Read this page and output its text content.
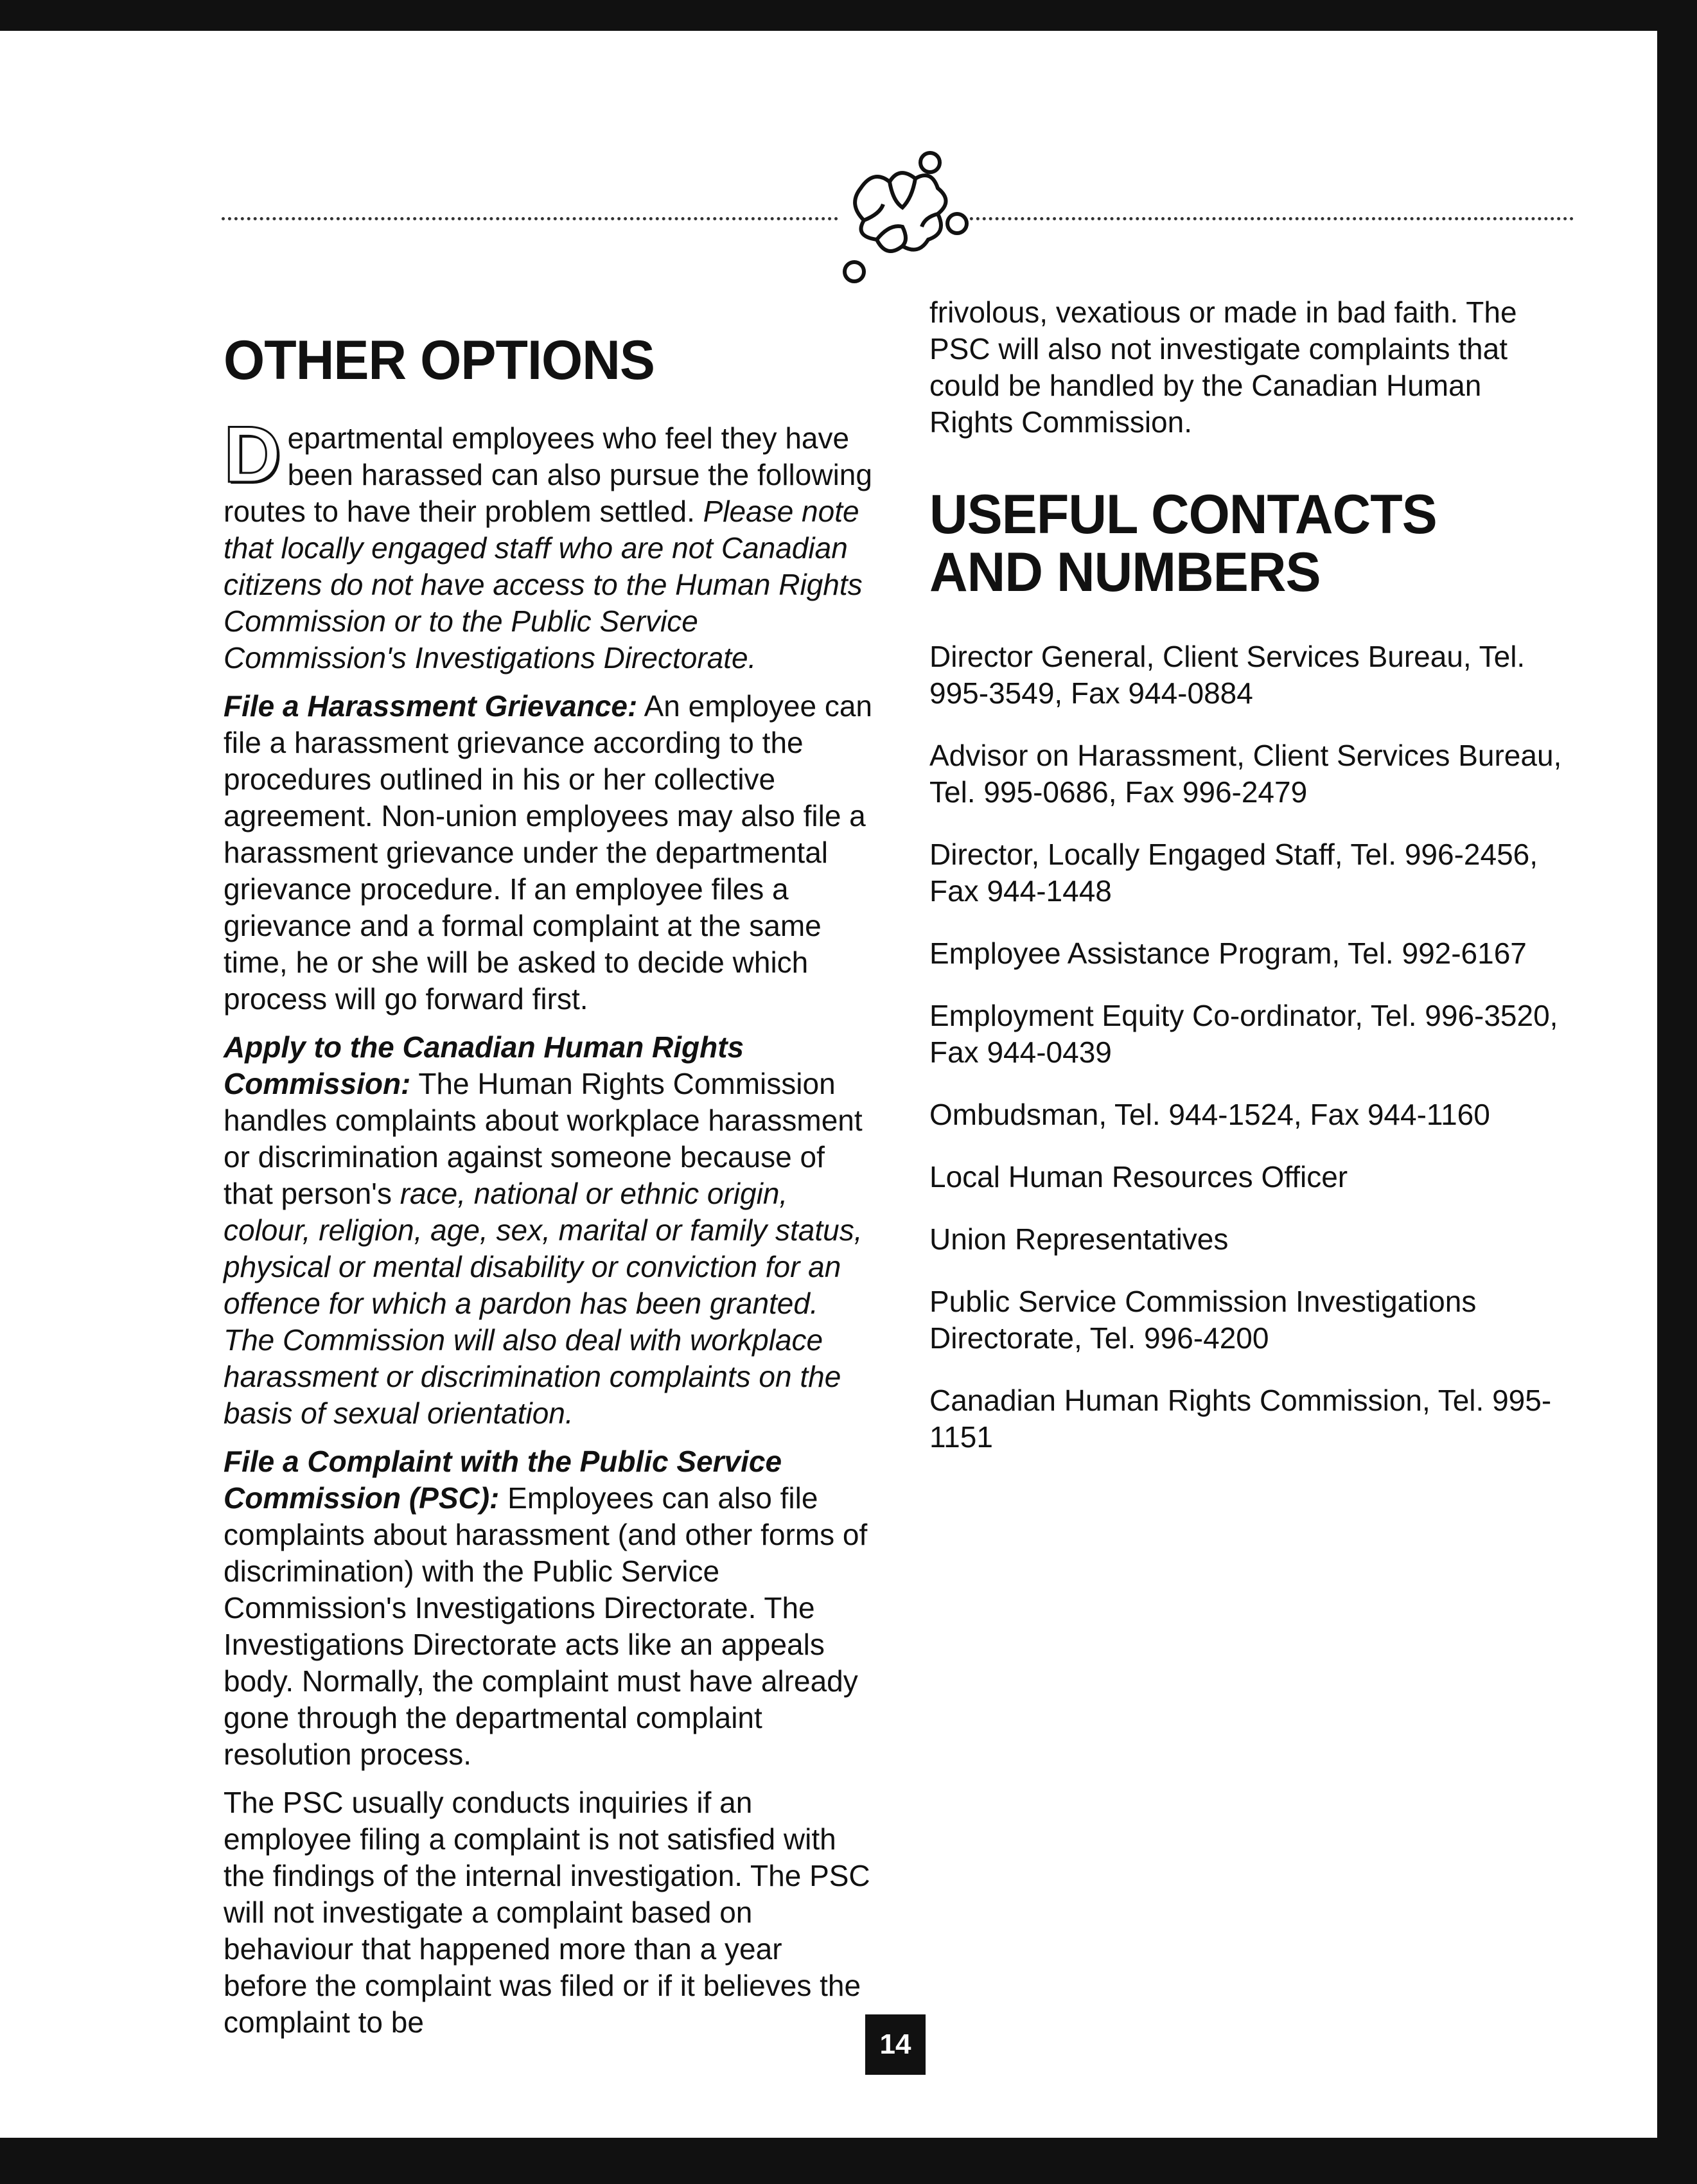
OTHER OPTIONS

Departmental employees who feel they have been harassed can also pursue the following routes to have their problem settled. Please note that locally engaged staff who are not Canadian citizens do not have access to the Human Rights Commission or to the Public Service Commission's Investigations Directorate.

File a Harassment Grievance: An employee can file a harassment grievance according to the procedures outlined in his or her collective agreement. Non-union employees may also file a harassment grievance under the departmental grievance procedure. If an employee files a grievance and a formal complaint at the same time, he or she will be asked to decide which process will go forward first.

Apply to the Canadian Human Rights Commission: The Human Rights Commission handles complaints about workplace harassment or discrimination against someone because of that person's race, national or ethnic origin, colour, religion, age, sex, marital or family status, physical or mental disability or conviction for an offence for which a pardon has been granted. The Commission will also deal with workplace harassment or discrimination complaints on the basis of sexual orientation.

File a Complaint with the Public Service Commission (PSC): Employees can also file complaints about harassment (and other forms of discrimination) with the Public Service Commission's Investigations Directorate. The Investigations Directorate acts like an appeals body. Normally, the complaint must have already gone through the departmental complaint resolution process.

The PSC usually conducts inquiries if an employee filing a complaint is not satisfied with the findings of the internal investigation. The PSC will not investigate a complaint based on behaviour that happened more than a year before the complaint was filed or if it believes the complaint to be

frivolous, vexatious or made in bad faith. The PSC will also not investigate complaints that could be handled by the Canadian Human Rights Commission.

USEFUL CONTACTS AND NUMBERS

Director General, Client Services Bureau, Tel. 995-3549, Fax 944-0884

Advisor on Harassment, Client Services Bureau, Tel. 995-0686, Fax 996-2479

Director, Locally Engaged Staff, Tel. 996-2456, Fax 944-1448

Employee Assistance Program, Tel. 992-6167

Employment Equity Co-ordinator, Tel. 996-3520, Fax 944-0439

Ombudsman, Tel. 944-1524, Fax 944-1160

Local Human Resources Officer

Union Representatives

Public Service Commission Investigations Directorate, Tel. 996-4200

Canadian Human Rights Commission, Tel. 995-1151

14
